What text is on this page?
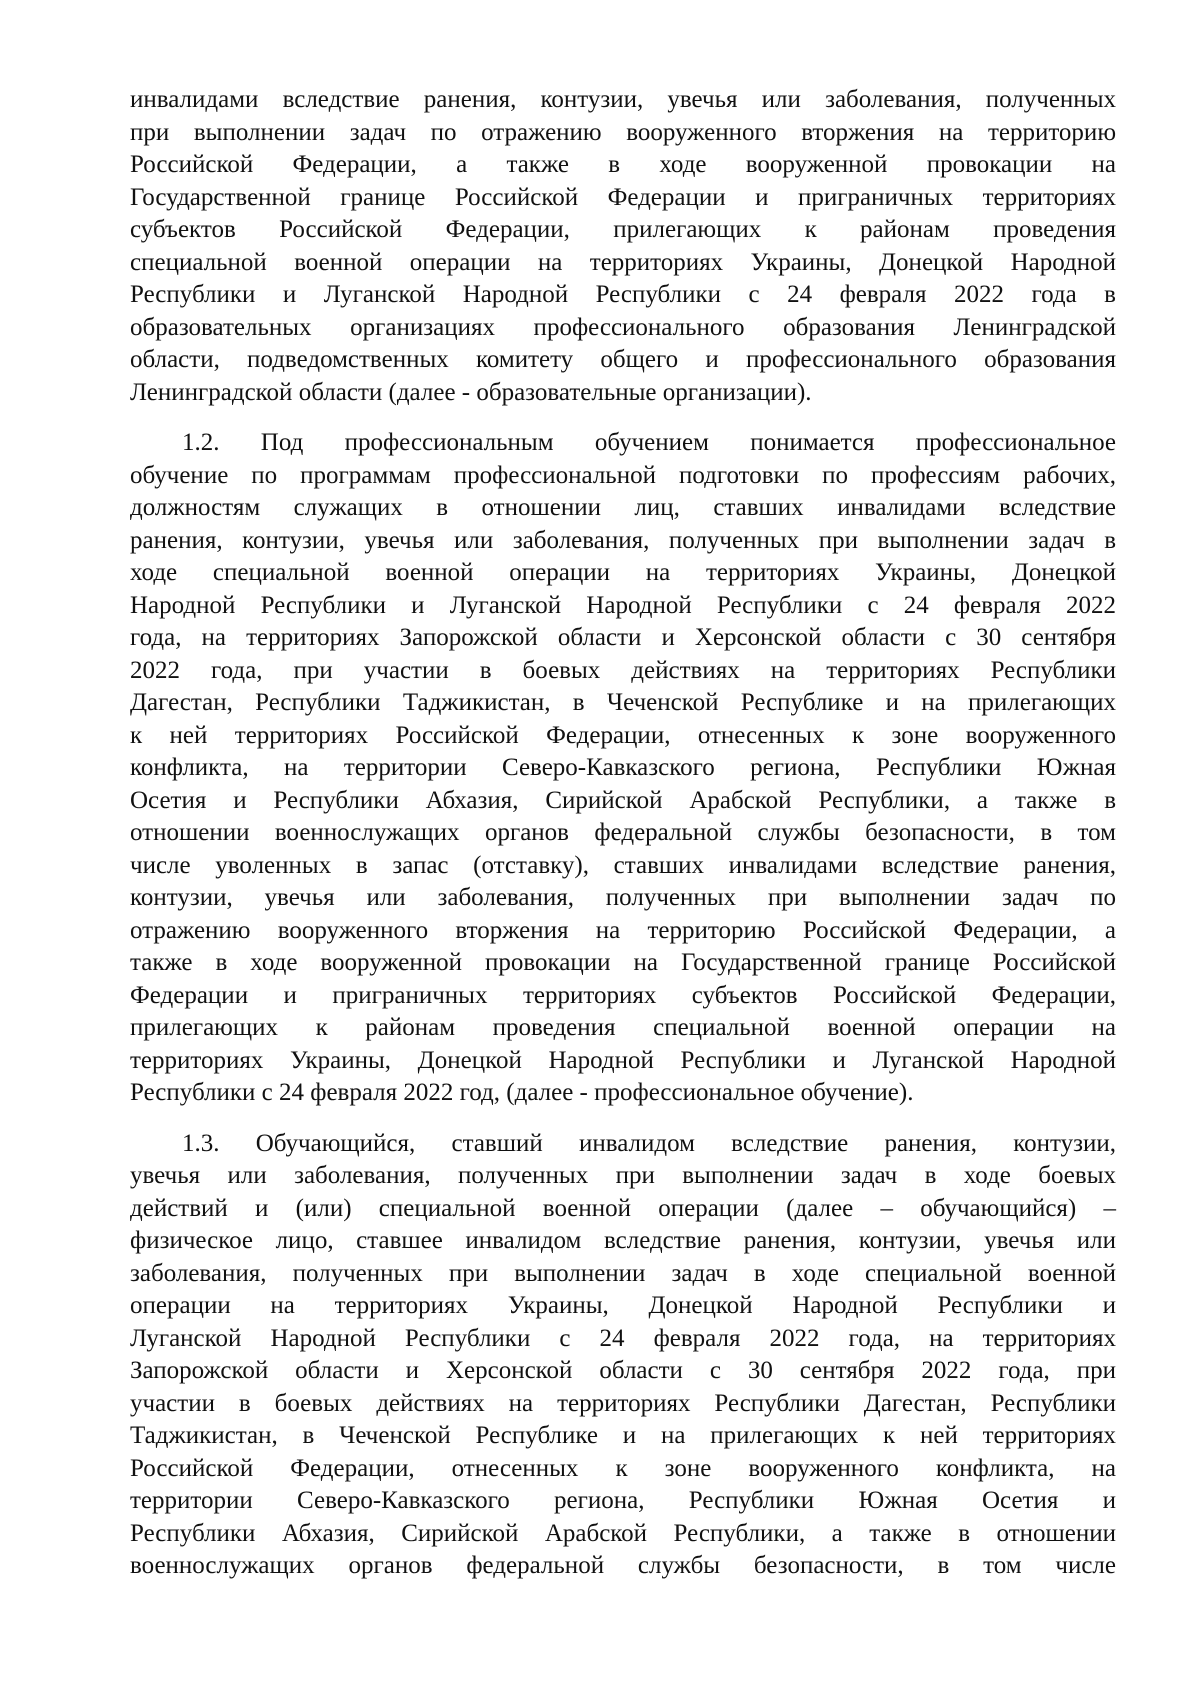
инвалидами вследствие ранения, контузии, увечья или заболевания, полученных
при выполнении задач по отражению вооруженного вторжения на территорию
Российской Федерации, а также в ходе вооруженной провокации на
Государственной границе Российской Федерации и приграничных территориях
субъектов Российской Федерации, прилегающих к районам проведения
специальной военной операции на территориях Украины, Донецкой Народной
Республики и Луганской Народной Республики с 24 февраля 2022 года в
образовательных организациях профессионального образования Ленинградской
области, подведомственных комитету общего и профессионального образования
Ленинградской области (далее - образовательные организации).
1.2. Под профессиональным обучением понимается профессиональное
обучение по программам профессиональной подготовки по профессиям рабочих,
должностям служащих в отношении лиц, ставших инвалидами вследствие
ранения, контузии, увечья или заболевания, полученных при выполнении задач в
ходе специальной военной операции на территориях Украины, Донецкой
Народной Республики и Луганской Народной Республики с 24 февраля 2022
года, на территориях Запорожской области и Херсонской области с 30 сентября
2022 года, при участии в боевых действиях на территориях Республики
Дагестан, Республики Таджикистан, в Чеченской Республике и на прилегающих
к ней территориях Российской Федерации, отнесенных к зоне вооруженного
конфликта, на территории Северо-Кавказского региона, Республики Южная
Осетия и Республики Абхазия, Сирийской Арабской Республики, а также в
отношении военнослужащих органов федеральной службы безопасности, в том
числе уволенных в запас (отставку), ставших инвалидами вследствие ранения,
контузии, увечья или заболевания, полученных при выполнении задач по
отражению вооруженного вторжения на территорию Российской Федерации, а
также в ходе вооруженной провокации на Государственной границе Российской
Федерации и приграничных территориях субъектов Российской Федерации,
прилегающих к районам проведения специальной военной операции на
территориях Украины, Донецкой Народной Республики и Луганской Народной
Республики с 24 февраля 2022 год, (далее - профессиональное обучение).
1.3. Обучающийся, ставший инвалидом вследствие ранения, контузии,
увечья или заболевания, полученных при выполнении задач в ходе боевых
действий и (или) специальной военной операции (далее – обучающийся) –
физическое лицо, ставшее инвалидом вследствие ранения, контузии, увечья или
заболевания, полученных при выполнении задач в ходе специальной военной
операции на территориях Украины, Донецкой Народной Республики и
Луганской Народной Республики с 24 февраля 2022 года, на территориях
Запорожской области и Херсонской области с 30 сентября 2022 года, при
участии в боевых действиях на территориях Республики Дагестан, Республики
Таджикистан, в Чеченской Республике и на прилегающих к ней территориях
Российской Федерации, отнесенных к зоне вооруженного конфликта, на
территории Северо-Кавказского региона, Республики Южная Осетия и
Республики Абхазия, Сирийской Арабской Республики, а также в отношении
военнослужащих органов федеральной службы безопасности, в том числе
